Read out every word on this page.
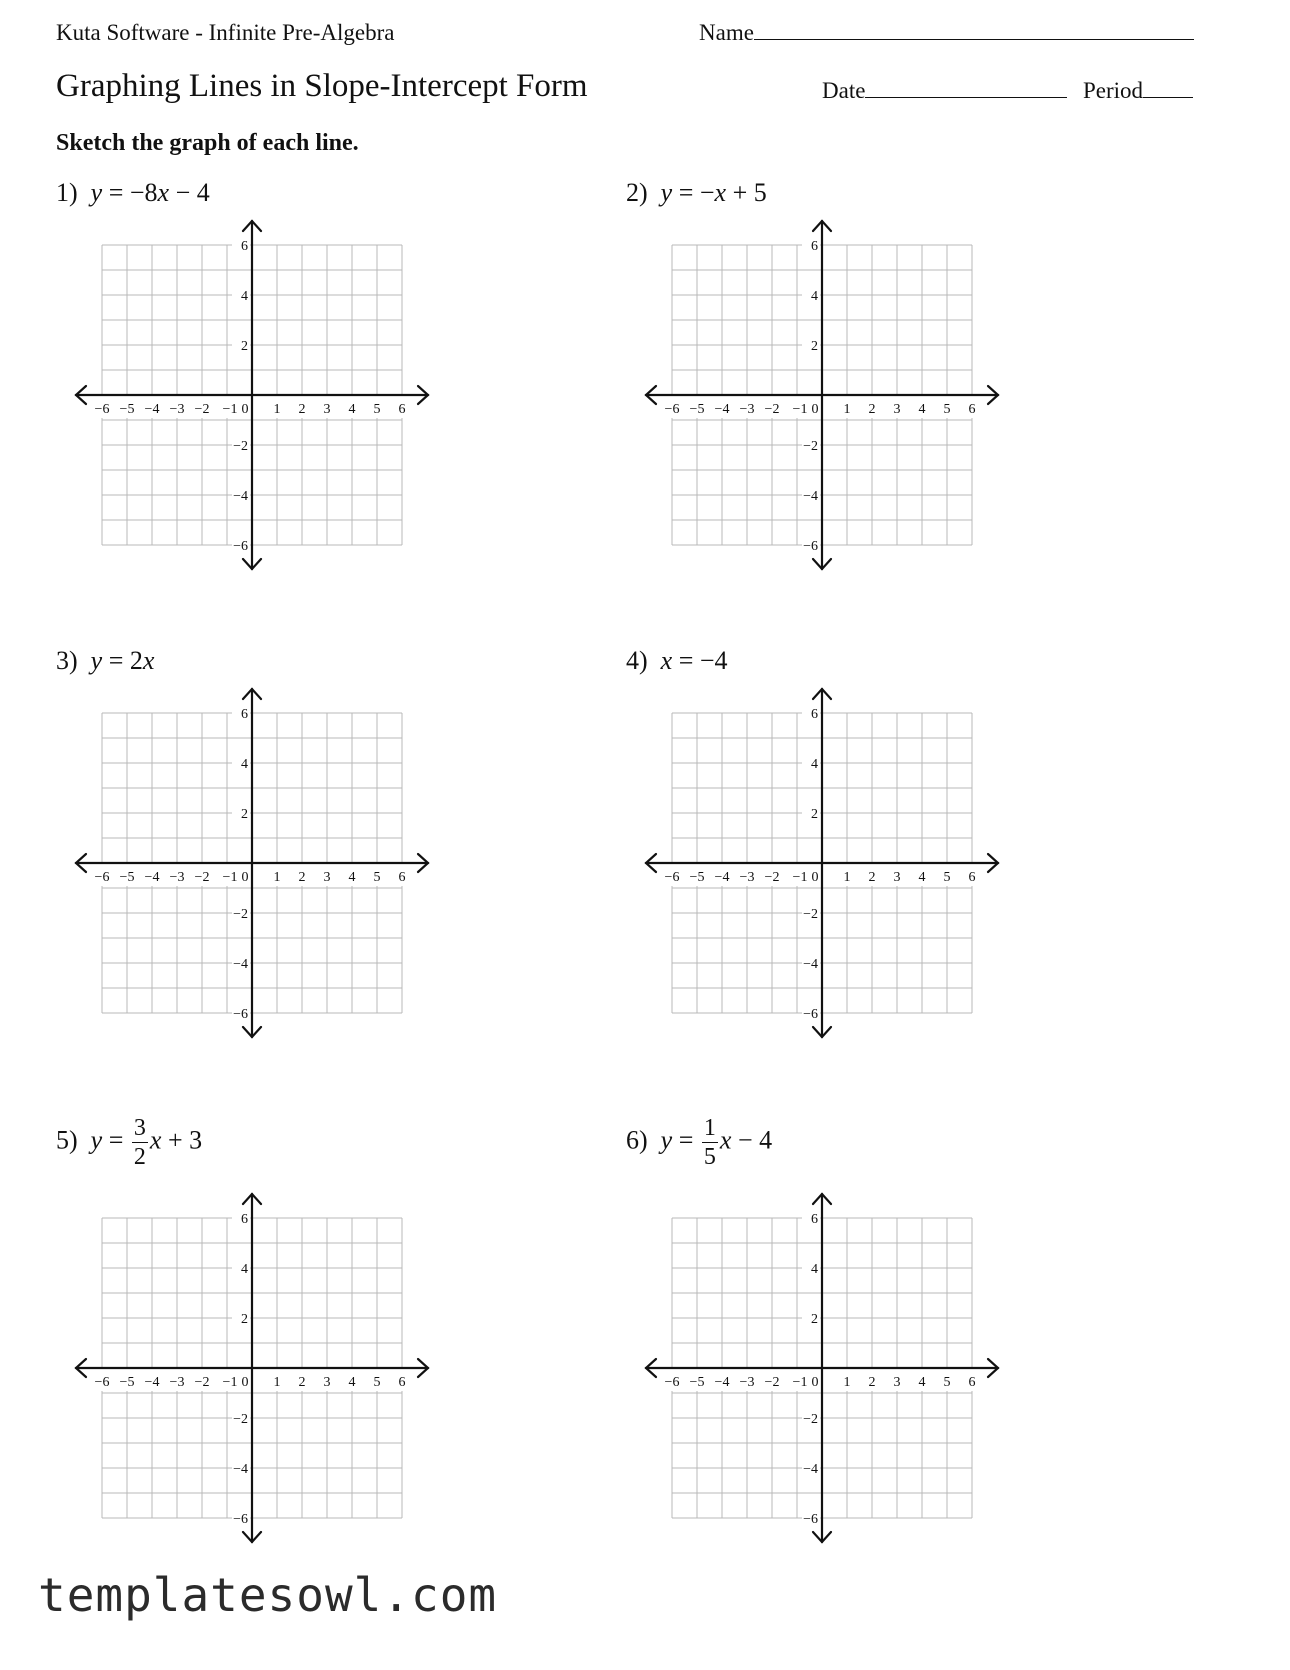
Kuta Software - Infinite Pre-Algebra	Name
Graphing Lines in Slope-Intercept Form	Date	Period
Sketch the graph of each line.
1) y = −8x − 4	2) y = −x + 5
3) y = 2x	4) x = −4
5) $y = \frac{3}{2}$ x + 3	6) $y = \frac{1}{5}$ x − 4
−6 −5 −4 −3 −2 −1 0 1 2 3 4 5 6
6
4
2
−2
−4
−6
−6 −5 −4 −3 −2 −1 0 1 2 3 4 5 6
6
4
2
−2
−4
−6
−6 −5 −4 −3 −2 −1 0 1 2 3 4 5 6
6
4
2
−2
−4
−6
−6 −5 −4 −3 −2 −1 0 1 2 3 4 5 6
6
4
2
−2
−4
−6
−6 −5 −4 −3 −2 −1 0 1 2 3 4 5 6
6
4
2
−2
−4
−6
−6 −5 −4 −3 −2 −1 0 1 2 3 4 5 6
6
4
2
−2
−4
−6
templatesowl.com
